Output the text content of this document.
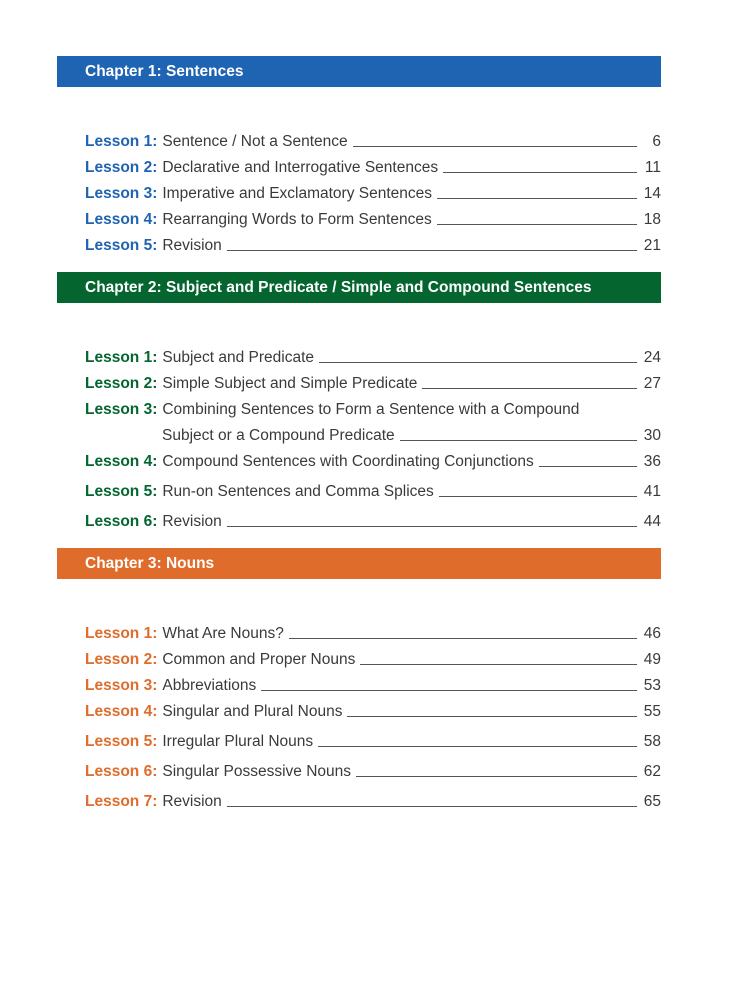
Chapter 1: Sentences
Lesson 1: Sentence / Not a Sentence	6
Lesson 2: Declarative and Interrogative Sentences	11
Lesson 3: Imperative and Exclamatory Sentences	14
Lesson 4: Rearranging Words to Form Sentences	18
Lesson 5: Revision	21
Chapter 2: Subject and Predicate / Simple and Compound Sentences
Lesson 1: Subject and Predicate	24
Lesson 2: Simple Subject and Simple Predicate	27
Lesson 3: Combining Sentences to Form a Sentence with a Compound
Subject or a Compound Predicate	30
Lesson 4: Compound Sentences with Coordinating Conjunctions	36
Lesson 5: Run-on Sentences and Comma Splices	41
Lesson 6: Revision	44
Chapter 3: Nouns
Lesson 1: What Are Nouns?	46
Lesson 2: Common and Proper Nouns	49
Lesson 3: Abbreviations	53
Lesson 4: Singular and Plural Nouns	55
Lesson 5: Irregular Plural Nouns	58
Lesson 6: Singular Possessive Nouns	62
Lesson 7: Revision	65
